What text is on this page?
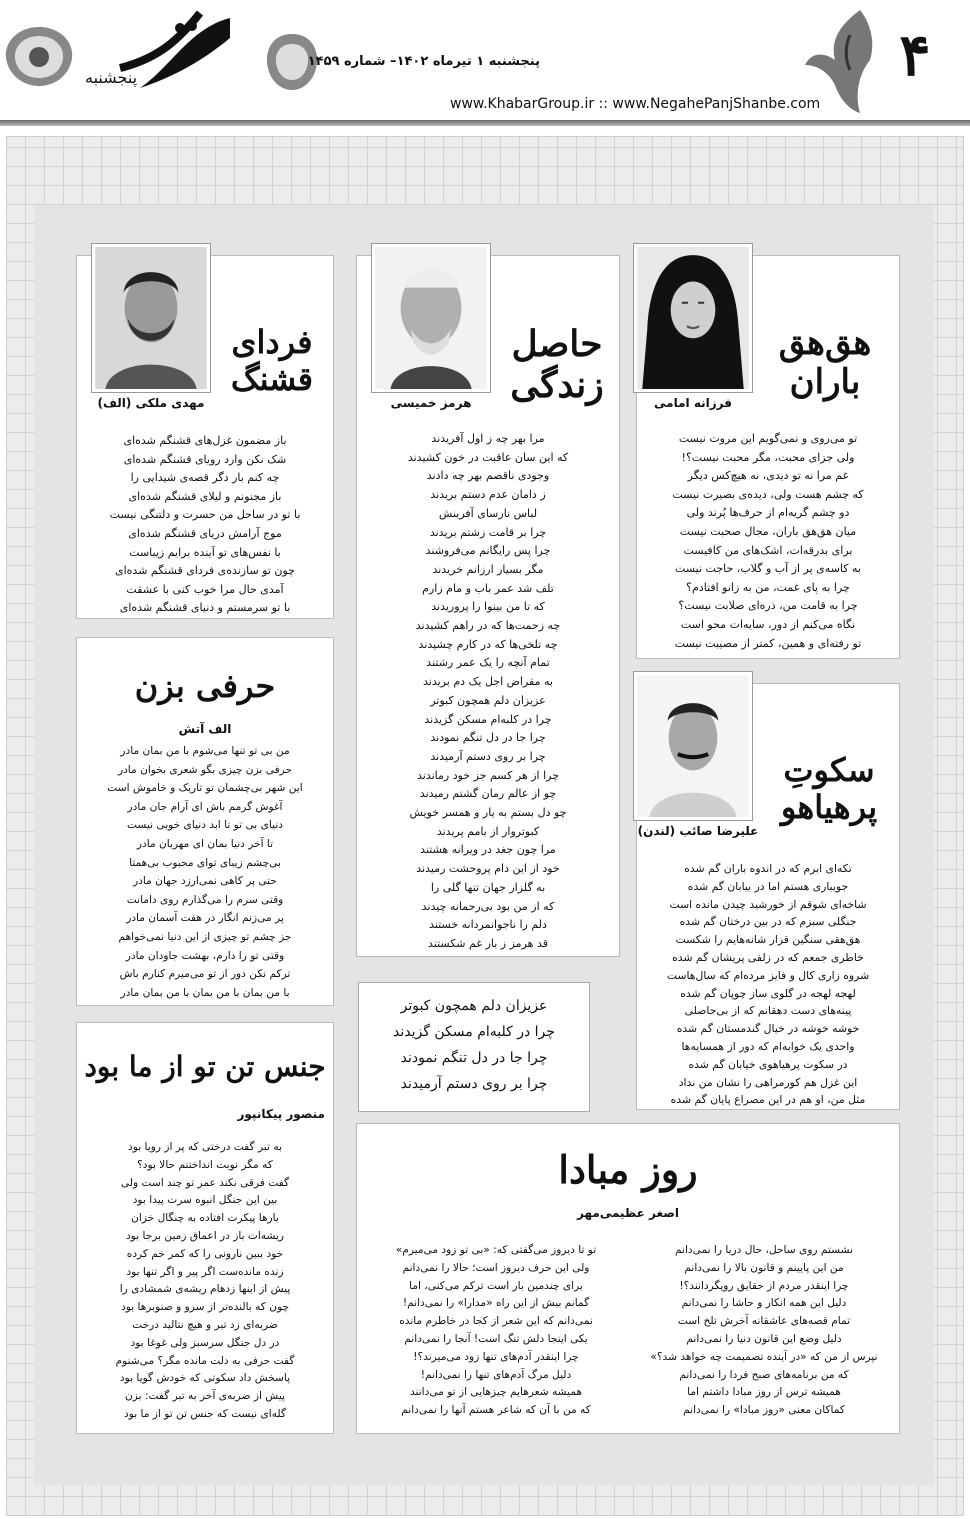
پنجشنبه
پنجشنبه ۱ تیرماه ۱۴۰۲– شماره ۱۴۵۹
www.KhabarGroup.ir :: www.NegahePanjShanbe.com
۴
فرزانه امامی
هق‌هق
باران
تو می‌روی و نمی‌گویم این مروت نیست
ولی جزای محبت، مگر محبت نیست؟!
غم مرا نه تو دیدی، نه هیچ‌کس دیگر
که چشم هست ولی، دیده‌ی بصیرت نیست
دو چشم گریه‌ام از حرف‌ها پُرند ولی
میان هق‌هق باران، مجال صحبت نیست
برای بدرقه‌ات، اشک‌های من کافیست
به کاسه‌ی پر از آب و گلاب، حاجت نیست
چرا به پای غمت، من به زانو افتادم؟
چرا به قامت من، ذره‌ای صلابت نیست؟
نگاه می‌کنم از دور، سایه‌ات محو است
تو رفته‌ای و همین، کمتر از مصیبت نیست
هرمز خمیسی
حاصل
زندگی
مرا بهر چه ز اول آفریدند
که این سان عاقبت در خون کشیدند
وجودی ناقصم بهر چه دادند
ز دامان عدم دستم بریدند
لباس نارسای آفرینش
چرا بر قامت زشتم بریدند
چرا پس رایگانم می‌فروشند
مگر بسیار ارزانم خریدند
تلف شد عمر باب و مام زارم
که تا من بینوا را پروریدند
چه زحمت‌ها که در راهم کشیدند
چه تلخی‌ها که در کارم چشیدند
تمام آنچه را یک عمر رشتند
به مقراض اجل یک دم بریدند
عزیزان دلم همچون کبوتر
چرا در کلبه‌ام مسکن گزیدند
چرا جا در دل تنگم نمودند
چرا بر روی دستم آرمیدند
چرا از هر کسم جز خود رماندند
چو از عالم رمان گشتم رمیدند
چو دل بستم به یار و همسر خویش
کبوتروار از بامم پریدند
مرا چون جغد در ویرانه هشتند
خود از این دام پروحشت رمیدند
به گلزار جهان تنها گلی را
که از من بود بی‌رحمانه چیدند
دلم را ناجوانمردانه خستند
قد هرمز ز بار غم شکستند
مهدی ملکی (الف)
فردای
قشنگ
باز مضمون غزل‌های قشنگم شده‌ای
شک نکن وارد رویای قشنگم شده‌ای
چه کنم بار دگر قصه‌ی شیدایی را
باز مجنونم و لیلای قشنگم شده‌ای
با تو در ساحل من حسرت و دلتنگی نیست
موج آرامش دریای قشنگم شده‌ای
با نفس‌های تو آینده برایم زیباست
چون تو سازنده‌ی فردای قشنگم شده‌ای
آمدی حال مرا خوب کنی با عشقت
با تو سرمستم و دنیای قشنگم شده‌ای
حرفی بزن
الف آتش
من بی تو تنها می‌شوم با من بمان مادر
حرفی بزن چیزی بگو شعری بخوان مادر
این شهر بی‌چشمان تو تاریک و خاموش است
آغوش گرمم باش ای آرام جان مادر
دنیای بی تو تا ابد دنیای خوبی نیست
تا آخر دنیا بمان ای مهربان مادر
بی‌چشم زیبای توای محبوب بی‌همتا
حتی پر کاهی نمی‌ارزد جهان مادر
وقتی سرم را می‌گذارم روی دامانت
پر می‌زنم انگار در هفت آسمان مادر
جز چشم تو چیزی از این دنیا نمی‌خواهم
وقتی تو را دارم، بهشت جاودان مادر
ترکم نکن دور از تو می‌میرم کنارم باش
با من بمان با من بمان با من بمان مادر
علیرضا صائب (لندن)
سکوتِ
پرهیاهو
تکه‌ای ابرم که در اندوه باران گم شده
جویباری هستم اما در بیابان گم شده
شاخه‌ای شوقم از خورشید چیدن مانده است
جنگلی سبزم که در بین درختان گم شده
هق‌هقی سنگین قرار شانه‌هایم را شکست
خاطری جمعم که در زلفی پریشان گم شده
شروه زاری کال و فایز مرده‌ام که سال‌هاست
لهجه لهجه در گلوی ساز چوپان گم شده
پینه‌های دست دهقانم که از بی‌حاصلی
خوشه خوشه در خیال گندمستان گم شده
واحدی یک خوابه‌ام که دور از همسایه‌ها
در سکوت پرهیاهوی خیابان گم شده
این غزل هم کورمراهی را نشان من نداد
مثل من، او هم در این مصراع پایان گم شده
عزیزان دلم همچون کبوتر
چرا در کلبه‌ام مسکن گزیدند
چرا جا در دل تنگم نمودند
چرا بر روی دستم آرمیدند
جنس تن تو از ما بود
منصور پیکانپور
به تبر گفت درختی که پر از رویا بود
که مگر نوبت انداختنم حالا بود؟
گفت فرقی نکند عمر تو چند است ولی
بین این جنگل انبوه سرت پیدا بود
بارها پیکرت افتاده به چنگال خزان
ریشه‌ات باز در اعماق زمین برجا بود
خود ببین نارونی را که کمر خم کرده
زنده مانده‌ست اگر پیر و اگر تنها بود
پیش از اینها زدهام ریشه‌ی شمشادی را
چون که بالنده‌تر از سرو و صنوبرها بود
ضربه‌ای زد تبر و هیچ نتالید درخت
در دل جنگل سرسبز ولی غوغا بود
گفت حرفی به دلت مانده مگر؟ می‌شنوم
پاسخش داد سکوتی که خودش گویا بود
پیش از ضربه‌ی آخر به تبر گفت: بزن
گله‌ای نیست که جنس تن تو از ما بود
روز مبادا
اصغر عظیمی‌مهر
نشستم روی ساحل، حال دریا را نمی‌دانم
من این پایینم و قانون بالا را نمی‌دانم
چرا اینقدر مردم از حقایق رویگردانند؟!
دلیل این همه انکار و حاشا را نمی‌دانم
تمام قصه‌های عاشقانه آخرش تلخ است
دلیل وضع این قانون دنیا را نمی‌دانم
نپرس از من که «در آینده تصمیمت چه خواهد شد؟»
که من برنامه‌های صبح فردا را نمی‌دانم
همیشه ترس از روز مبادا داشتم اما
کماکان معنی «روز مبادا» را نمی‌دانم
تو تا دیروز می‌گفتی که: «بی تو زود می‌میرم»
ولی این حرف دیروز است؛ حالا را نمی‌دانم
برای چندمین بار است ترکم می‌کنی، اما
گمانم بیش از این راه «مدارا» را نمی‌دانم!
نمی‌دانم که این شعر از کجا در خاطرم مانده
یکی اینجا دلش تنگ است! آنجا را نمی‌دانم
چرا اینقدر آدم‌های تنها زود می‌میرند؟!
دلیل مرگ آدم‌های تنها را نمی‌دانم!
همیشه شعرهایم چیزهایی از تو می‌دانند
که من با آن که شاعر هستم آنها را نمی‌دانم
